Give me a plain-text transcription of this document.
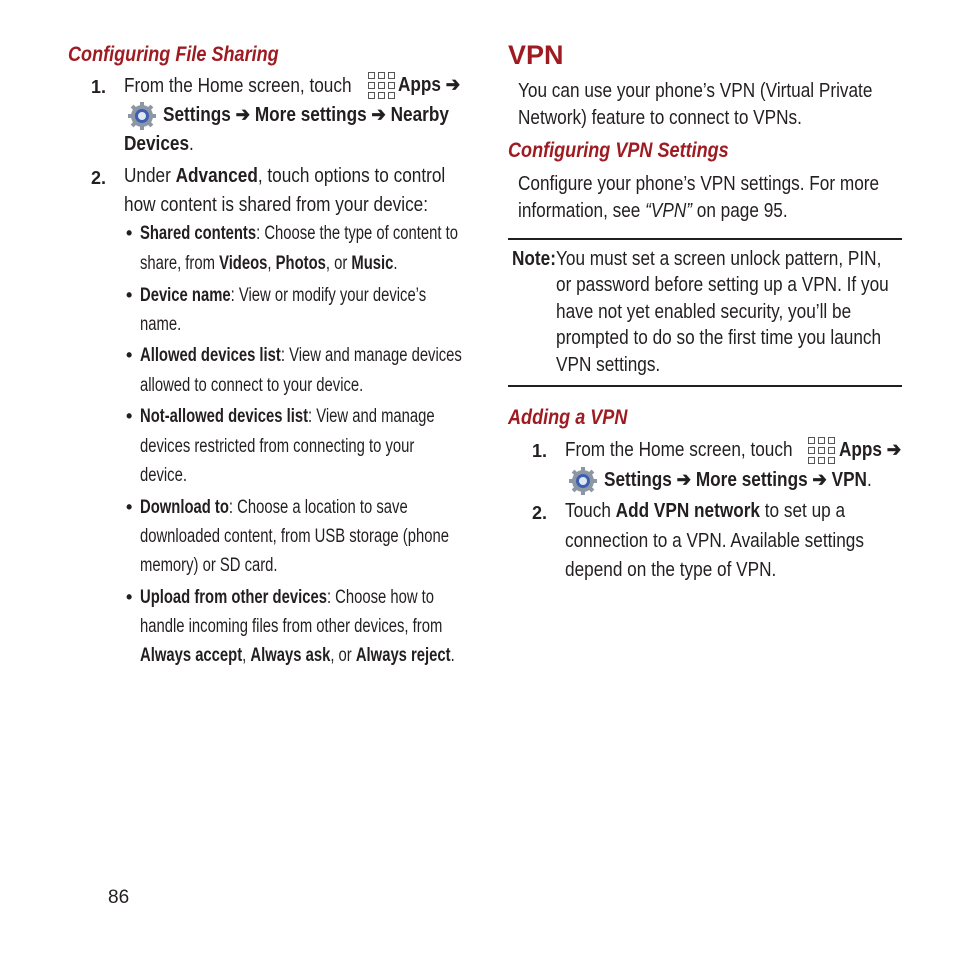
Configuring File Sharing
1. From the Home screen, touch	Apps ➔
Settings ➔ More settings ➔ Nearby
Devices.
2. Under Advanced, touch options to control
how content is shared from your device:
• Shared contents: Choose the type of content to
share, from Videos, Photos, or Music.
• Device name: View or modify your device’s
name.
• Allowed devices list: View and manage devices
allowed to connect to your device.
• Not-allowed devices list: View and manage
devices restricted from connecting to your
device.
• Download to: Choose a location to save
downloaded content, from USB storage (phone
memory) or SD card.
• Upload from other devices: Choose how to
handle incoming files from other devices, from
Always accept, Always ask, or Always reject.
VPN
You can use your phone’s VPN (Virtual Private
Network) feature to connect to VPNs.
Configuring VPN Settings
Configure your phone’s VPN settings. For more
information, see “VPN” on page 95.
Note: You must set a screen unlock pattern, PIN,
or password before setting up a VPN. If you
have not yet enabled security, you’ll be
prompted to do so the first time you launch
VPN settings.
Adding a VPN
1. From the Home screen, touch	Apps ➔
Settings ➔ More settings ➔ VPN.
2. Touch Add VPN network to set up a
connection to a VPN. Available settings
depend on the type of VPN.
86
